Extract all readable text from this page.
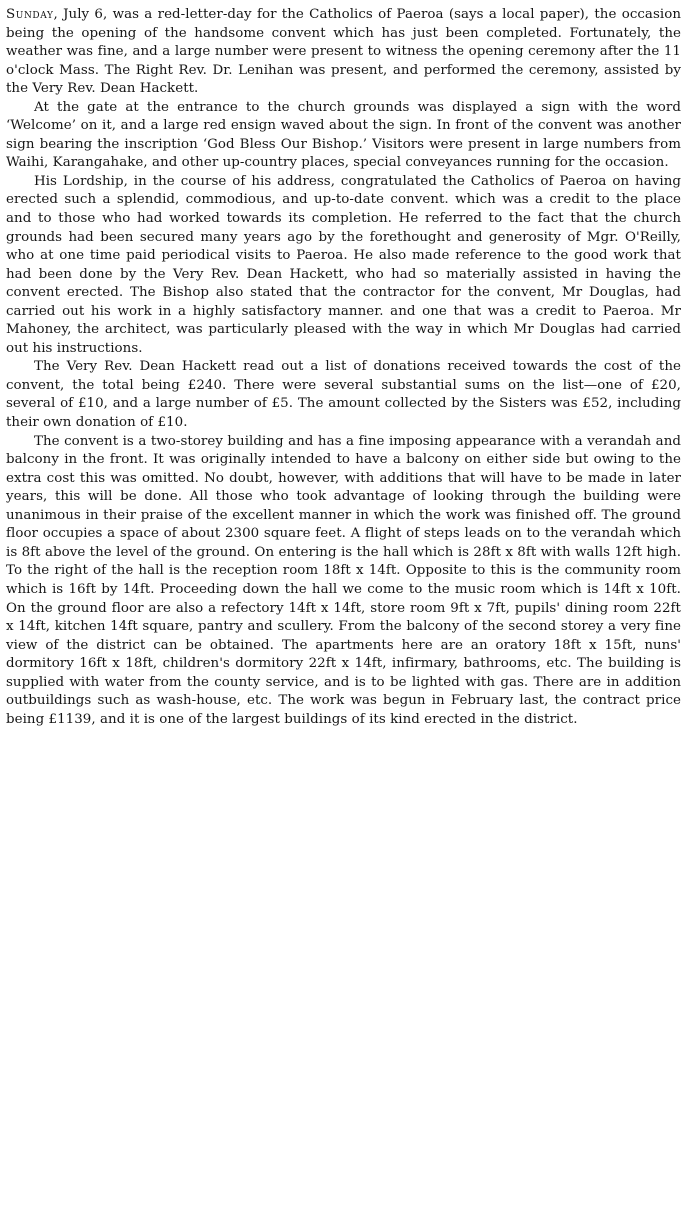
Sunday, July 6, was a red-letter-day for the Catholics of Paeroa (says a local paper), the occasion being the opening of the handsome convent which has just been completed. Fortunately, the weather was fine, and a large number were present to witness the opening ceremony after the 11 o'clock Mass. The Right Rev. Dr. Lenihan was present, and performed the ceremony, assisted by the Very Rev. Dean Hackett.

At the gate at the entrance to the church grounds was displayed a sign with the word ‘Welcome’ on it, and a large red ensign waved about the sign. In front of the convent was another sign bearing the inscription ‘God Bless Our Bishop.’ Visitors were present in large numbers from Waihi, Karangahake, and other up-country places, special conveyances running for the occasion.

His Lordship, in the course of his address, congratulated the Catholics of Paeroa on having erected such a splendid, commodious, and up-to-date convent. which was a credit to the place and to those who had worked towards its completion. He referred to the fact that the church grounds had been secured many years ago by the forethought and generosity of Mgr. O'Reilly, who at one time paid periodical visits to Paeroa. He also made reference to the good work that had been done by the Very Rev. Dean Hackett, who had so materially assisted in having the convent erected. The Bishop also stated that the contractor for the convent, Mr Douglas, had carried out his work in a highly satisfactory manner. and one that was a credit to Paeroa. Mr Mahoney, the architect, was particularly pleased with the way in which Mr Douglas had carried out his instructions.

The Very Rev. Dean Hackett read out a list of donations received towards the cost of the convent, the total being £240. There were several substantial sums on the list—one of £20, several of £10, and a large number of £5. The amount collected by the Sisters was £52, including their own donation of £10.

The convent is a two-storey building and has a fine imposing appearance with a verandah and balcony in the front. It was originally intended to have a balcony on either side but owing to the extra cost this was omitted. No doubt, however, with additions that will have to be made in later years, this will be done. All those who took advantage of looking through the building were unanimous in their praise of the excellent manner in which the work was finished off. The ground floor occupies a space of about 2300 square feet. A flight of steps leads on to the verandah which is 8ft above the level of the ground. On entering is the hall which is 28ft x 8ft with walls 12ft high. To the right of the hall is the reception room 18ft x 14ft. Opposite to this is the community room which is 16ft by 14ft. Proceeding down the hall we come to the music room which is 14ft x 10ft. On the ground floor are also a refectory 14ft x 14ft, store room 9ft x 7ft, pupils' dining room 22ft x 14ft, kitchen 14ft square, pantry and scullery. From the balcony of the second storey a very fine view of the district can be obtained. The apartments here are an oratory 18ft x 15ft, nuns' dormitory 16ft x 18ft, children's dormitory 22ft x 14ft, infirmary, bathrooms, etc. The building is supplied with water from the county service, and is to be lighted with gas. There are in addition outbuildings such as wash-house, etc. The work was begun in February last, the contract price being £1139, and it is one of the largest buildings of its kind erected in the district.
